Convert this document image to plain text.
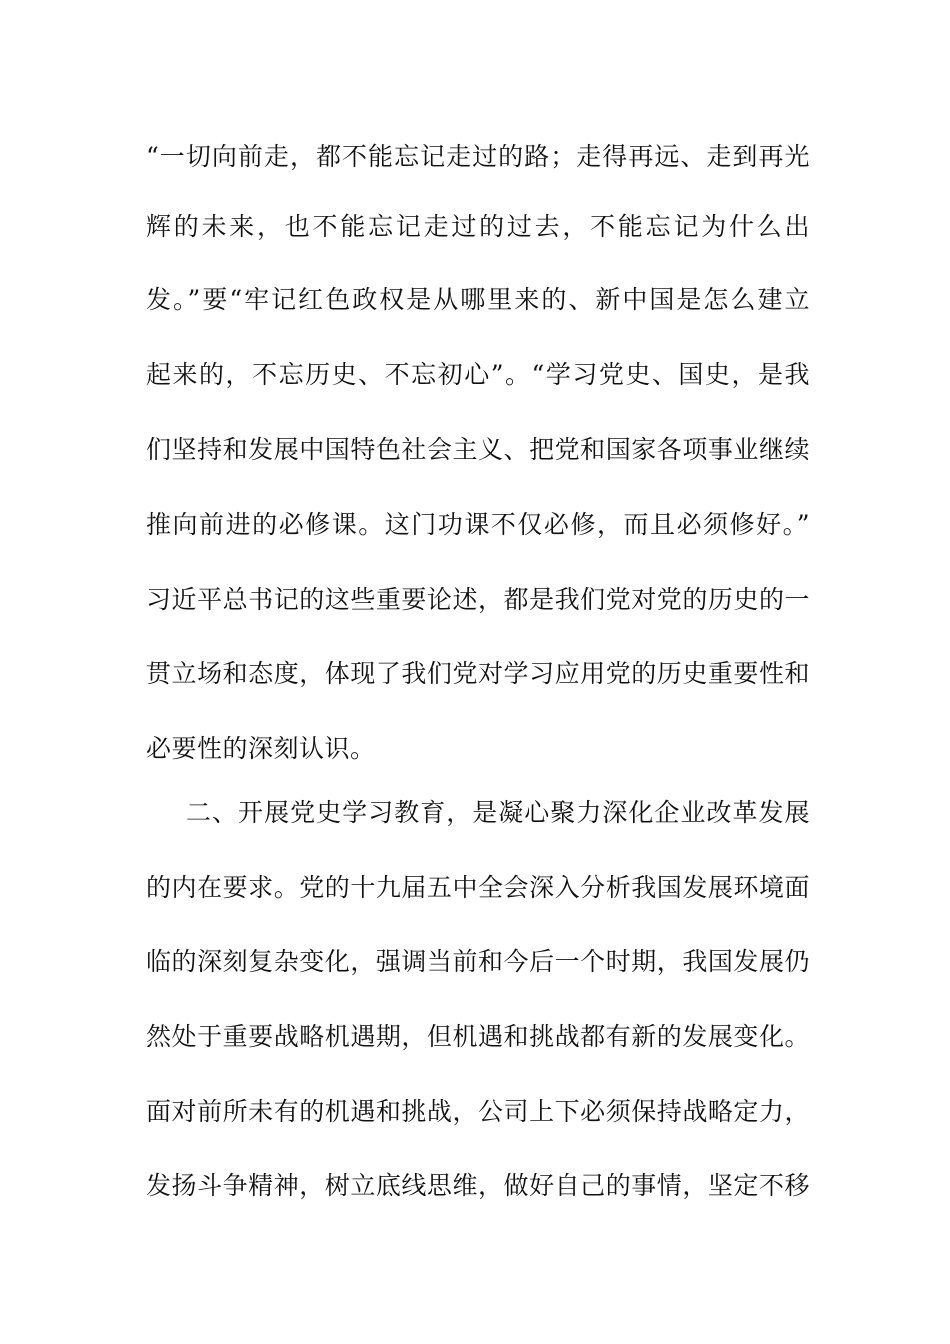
“一切向前走，都不能忘记走过的路；走得再远、走到再光
辉的未来，也不能忘记走过的过去，不能忘记为什么出
发。”要“牢记红色政权是从哪里来的、新中国是怎么建立
起来的，不忘历史、不忘初心”。“学习党史、国史，是我
们坚持和发展中国特色社会主义、把党和国家各项事业继续
推向前进的必修课。这门功课不仅必修，而且必须修好。”
习近平总书记的这些重要论述，都是我们党对党的历史的一
贯立场和态度，体现了我们党对学习应用党的历史重要性和
必要性的深刻认识。
二、开展党史学习教育，是凝心聚力深化企业改革发展
的内在要求。党的十九届五中全会深入分析我国发展环境面
临的深刻复杂变化，强调当前和今后一个时期，我国发展仍
然处于重要战略机遇期，但机遇和挑战都有新的发展变化。
面对前所未有的机遇和挑战，公司上下必须保持战略定力，
发扬斗争精神，树立底线思维，做好自己的事情，坚定不移
